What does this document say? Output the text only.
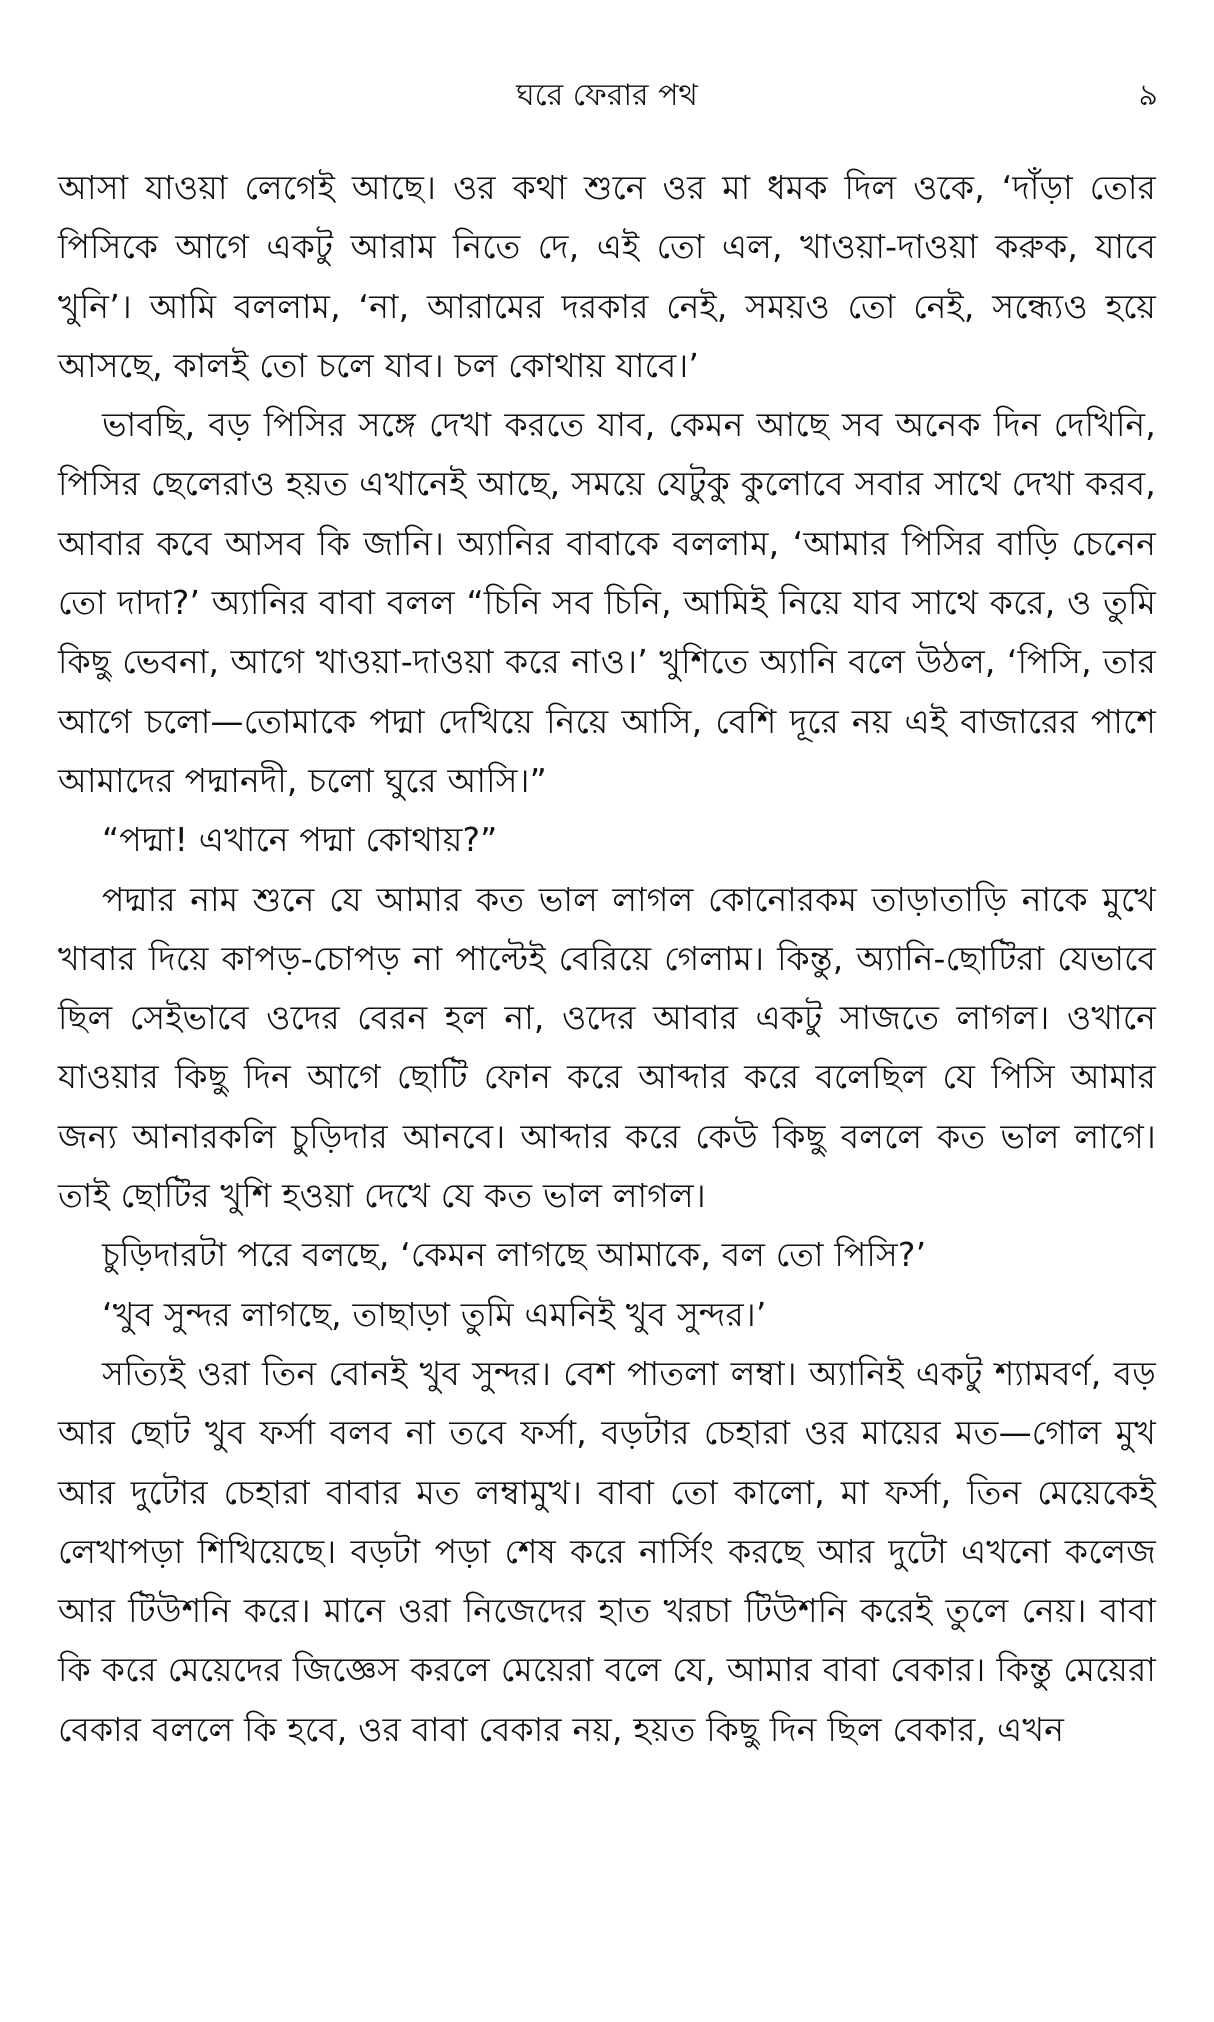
ঘরে ফেরার পথ	৯

আসা যাওয়া লেগেই আছে। ওর কথা শুনে ওর মা ধমক দিল ওকে, ‘দাঁড়া তোর পিসিকে আগে একটু আরাম নিতে দে, এই তো এল, খাওয়া-দাওয়া করুক, যাবে খুনি’। আমি বললাম, ‘না, আরামের দরকার নেই, সময়ও তো নেই, সন্ধ্যেও হয়ে আসছে, কালই তো চলে যাব। চল কোথায় যাবে।’

ভাবছি, বড় পিসির সঙ্গে দেখা করতে যাব, কেমন আছে সব অনেক দিন দেখিনি, পিসির ছেলেরাও হয়ত এখানেই আছে, সময়ে যেটুকু কুলোবে সবার সাথে দেখা করব, আবার কবে আসব কি জানি। অ্যানির বাবাকে বললাম, ‘আমার পিসির বাড়ি চেনেন তো দাদা?’ অ্যানির বাবা বলল “চিনি সব চিনি, আমিই নিয়ে যাব সাথে করে, ও তুমি কিছু ভেবনা, আগে খাওয়া-দাওয়া করে নাও।’ খুশিতে অ্যানি বলে উঠল, ‘পিসি, তার আগে চলো—তোমাকে পদ্মা দেখিয়ে নিয়ে আসি, বেশি দূরে নয় এই বাজারের পাশে আমাদের পদ্মানদী, চলো ঘুরে আসি।”

“পদ্মা! এখানে পদ্মা কোথায়?”

পদ্মার নাম শুনে যে আমার কত ভাল লাগল কোনোরকম তাড়াতাড়ি নাকে মুখে খাবার দিয়ে কাপড়-চোপড় না পাল্টেই বেরিয়ে গেলাম। কিন্তু, অ্যানি-ছোটিরা যেভাবে ছিল সেইভাবে ওদের বেরন হল না, ওদের আবার একটু সাজতে লাগল। ওখানে যাওয়ার কিছু দিন আগে ছোটি ফোন করে আব্দার করে বলেছিল যে পিসি আমার জন্য আনারকলি চুড়িদার আনবে। আব্দার করে কেউ কিছু বললে কত ভাল লাগে। তাই ছোটির খুশি হওয়া দেখে যে কত ভাল লাগল।

চুড়িদারটা পরে বলছে, ‘কেমন লাগছে আমাকে, বল তো পিসি?’

‘খুব সুন্দর লাগছে, তাছাড়া তুমি এমনিই খুব সুন্দর।’

সত্যিই ওরা তিন বোনই খুব সুন্দর। বেশ পাতলা লম্বা। অ্যানিই একটু শ্যামবর্ণ, বড় আর ছোট খুব ফর্সা বলব না তবে ফর্সা, বড়টার চেহারা ওর মায়ের মত—গোল মুখ আর দুটোর চেহারা বাবার মত লম্বামুখ। বাবা তো কালো, মা ফর্সা, তিন মেয়েকেই লেখাপড়া শিখিয়েছে। বড়টা পড়া শেষ করে নার্সিং করছে আর দুটো এখনো কলেজ আর টিউশনি করে। মানে ওরা নিজেদের হাত খরচা টিউশনি করেই তুলে নেয়। বাবা কি করে মেয়েদের জিজ্ঞেস করলে মেয়েরা বলে যে, আমার বাবা বেকার। কিন্তু মেয়েরা বেকার বললে কি হবে, ওর বাবা বেকার নয়, হয়ত কিছু দিন ছিল বেকার, এখন
